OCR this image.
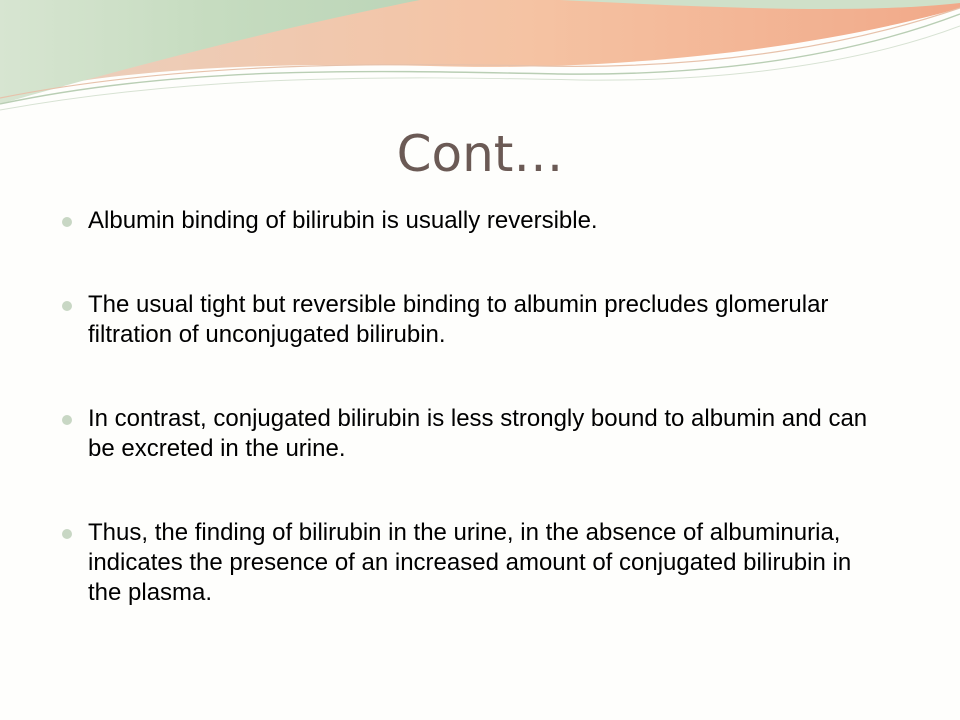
Cont…
Albumin binding of bilirubin is usually reversible.
The usual tight but reversible binding to albumin precludes glomerular filtration of unconjugated bilirubin.
In contrast, conjugated bilirubin is less strongly bound to albumin and can be excreted in the urine.
Thus, the finding of bilirubin in the urine, in the absence of albuminuria, indicates the presence of an increased amount of conjugated bilirubin in the plasma.
